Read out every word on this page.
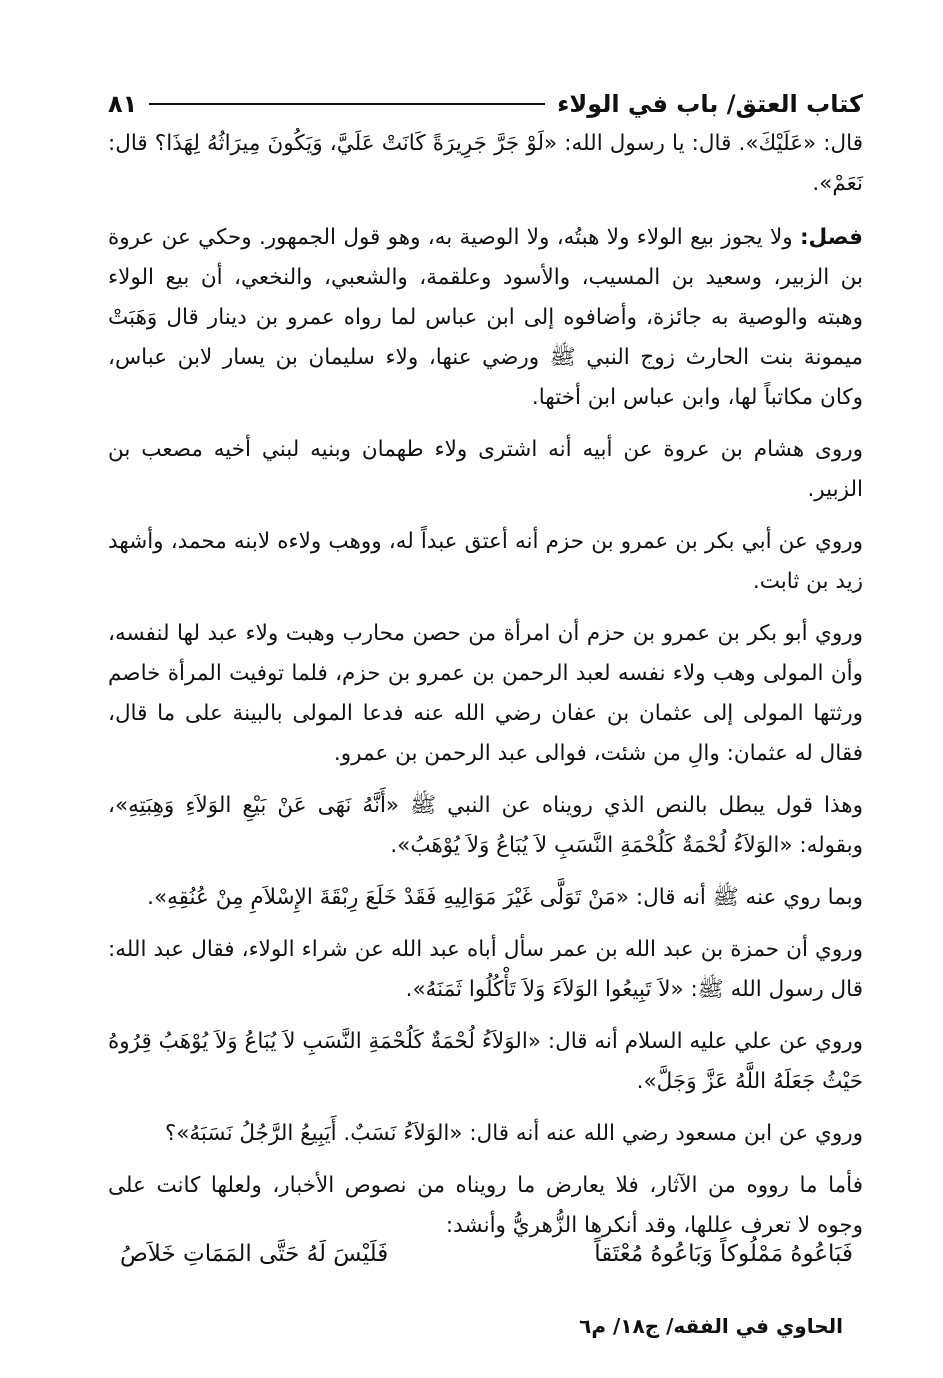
كتاب العتق/ باب في الولاء
٨١

قال: «عَلَيْكَ». قال: يا رسول الله: «لَوْ جَرَّ جَرِيرَةً كَانَتْ عَلَيَّ، وَيَكُونَ مِيرَاثُهُ لِهَذَا؟ قال: نَعَمْ».

فصل: ولا يجوز بيع الولاء ولا هبتُه، ولا الوصية به، وهو قول الجمهور. وحكي عن عروة بن الزبير، وسعيد بن المسيب، والأسود وعلقمة، والشعبي، والنخعي، أن بيع الولاء وهبته والوصية به جائزة، وأضافوه إلى ابن عباس لما رواه عمرو بن دينار قال وَهَبَتْ ميمونة بنت الحارث زوج النبي ﷺ ورضي عنها، ولاء سليمان بن يسار لابن عباس، وكان مكاتباً لها، وابن عباس ابن أختها.

وروى هشام بن عروة عن أبيه أنه اشترى ولاء طهمان وبنيه لبني أخيه مصعب بن الزبير.

وروي عن أبي بكر بن عمرو بن حزم أنه أعتق عبداً له، ووهب ولاءه لابنه محمد، وأشهد زيد بن ثابت.

وروي أبو بكر بن عمرو بن حزم أن امرأة من حصن محارب وهبت ولاء عبد لها لنفسه، وأن المولى وهب ولاء نفسه لعبد الرحمن بن عمرو بن حزم، فلما توفيت المرأة خاصم ورثتها المولى إلى عثمان بن عفان رضي الله عنه فدعا المولى بالبينة على ما قال، فقال له عثمان: والِ من شئت، فوالى عبد الرحمن بن عمرو.

وهذا قول يبطل بالنص الذي رويناه عن النبي ﷺ «أَنَّهُ نَهَى عَنْ بَيْعِ الوَلاَءِ وَهِبَتِهِ»، وبقوله: «الوَلاَءُ لُحْمَةٌ كَلُحْمَةِ النَّسَبِ لاَ يُبَاعُ وَلاَ يُوْهَبُ».

وبما روي عنه ﷺ أنه قال: «مَنْ تَوَلَّى غَيْرَ مَوَالِيهِ فَقَدْ خَلَعَ رِبْقَةَ الإِسْلاَمِ مِنْ عُنُقِهِ».

وروي أن حمزة بن عبد الله بن عمر سأل أباه عبد الله عن شراء الولاء، فقال عبد الله: قال رسول الله ﷺ: «لاَ تَبِيعُوا الوَلاَءَ وَلاَ تَأْكُلُوا ثَمَنَهُ».

وروي عن علي عليه السلام أنه قال: «الوَلاَءُ لُحْمَةٌ كَلُحْمَةِ النَّسَبِ لاَ يُبَاعُ وَلاَ يُوْهَبُ قِرُوهُ حَيْثُ جَعَلَهُ اللَّهُ عَزَّ وَجَلَّ».

وروي عن ابن مسعود رضي الله عنه أنه قال: «الوَلاَءُ نَسَبٌ. أَيَبِيعُ الرَّجُلُ نَسَبَهُ»؟

فأما ما رووه من الآثار، فلا يعارض ما رويناه من نصوص الأخبار، ولعلها كانت على وجوه لا تعرف عللها، وقد أنكرها الزُّهريُّ وأنشد:

فَبَاعُوهُ مَمْلُوكاً وَبَاعُوهُ مُعْتَقاً
فَلَيْسَ لَهُ حَتَّى المَمَاتِ خَلاَصُ
الحاوي في الفقه/ ج١٨/ م٦
